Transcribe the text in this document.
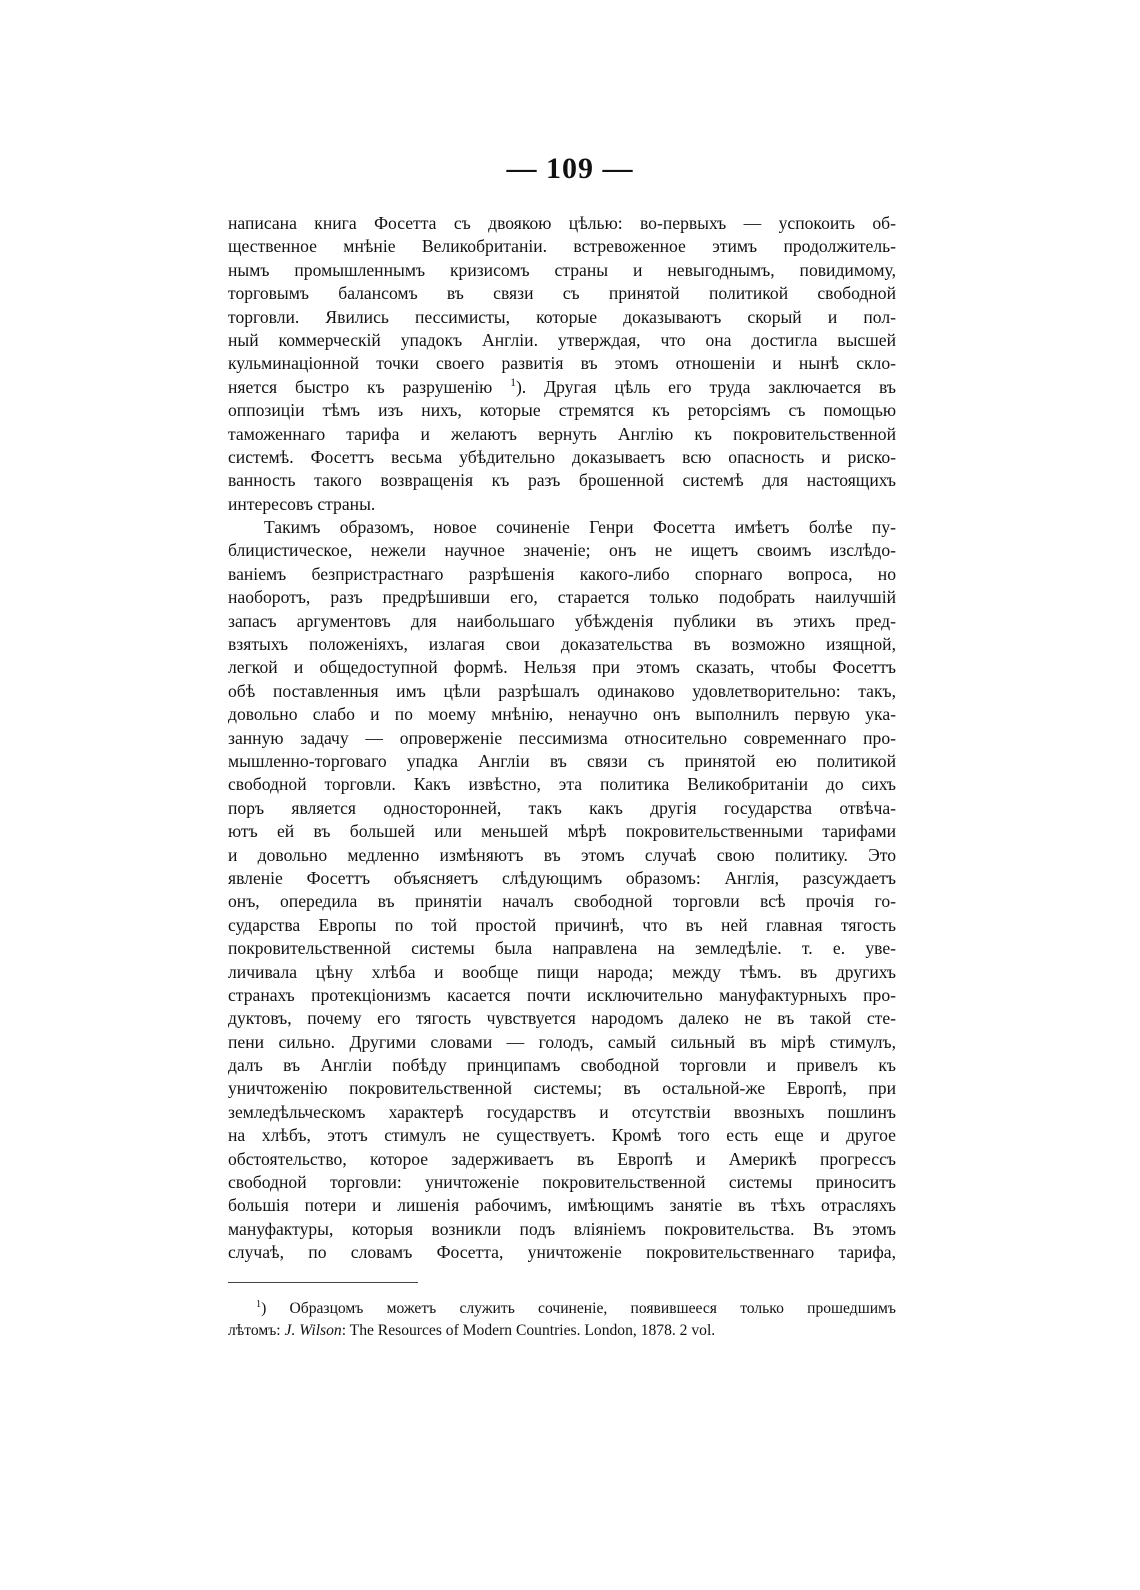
— 109 —
написана книга Фосетта съ двоякою цѣлью: во-первыхъ — успокоить об-
щественное мнѣніе Великобританіи. встревоженное этимъ продолжитель-
нымъ промышленнымъ кризисомъ страны и невыгоднымъ, повидимому,
торговымъ балансомъ въ связи съ принятой политикой свободной
торговли. Явились пессимисты, которые доказываютъ скорый и пол-
ный коммерческій упадокъ Англіи. утверждая, что она достигла высшей
кульминаціонной точки своего развитія въ этомъ отношеніи и нынѣ скло-
няется быстро къ разрушенію $^1$). Другая цѣль его труда заключается въ
оппозиціи тѣмъ изъ нихъ, которые стремятся къ реторсіямъ съ помощью
таможеннаго тарифа и желаютъ вернуть Англію къ покровительственной
системѣ. Фосеттъ весьма убѣдительно доказываетъ всю опасность и риско-
ванность такого возвращенія къ разъ брошенной системѣ для настоящихъ
интересовъ страны.
Такимъ образомъ, новое сочиненіе Генри Фосетта имѣетъ болѣе пу-
блицистическое, нежели научное значеніе; онъ не ищетъ своимъ изслѣдо-
ваніемъ безпристрастнаго разрѣшенія какого-либо спорнаго вопроса, но
наоборотъ, разъ предрѣшивши его, старается только подобрать наилучшій
запасъ аргументовъ для наибольшаго убѣжденія публики въ этихъ пред-
взятыхъ положеніяхъ, излагая свои доказательства въ возможно изящной,
легкой и общедоступной формѣ. Нельзя при этомъ сказать, чтобы Фосеттъ
обѣ поставленныя имъ цѣли разрѣшалъ одинаково удовлетворительно: такъ,
довольно слабо и по моему мнѣнію, ненаучно онъ выполнилъ первую ука-
занную задачу — опроверженіе пессимизма относительно современнаго про-
мышленно-торговаго упадка Англіи въ связи съ принятой ею политикой
свободной торговли. Какъ извѣстно, эта политика Великобританіи до сихъ
поръ является односторонней, такъ какъ другія государства отвѣча-
ютъ ей въ большей или меньшей мѣрѣ покровительственными тарифами
и довольно медленно измѣняютъ въ этомъ случаѣ свою политику. Это
явленіе Фосеттъ объясняетъ слѣдующимъ образомъ: Англія, разсуждаетъ
онъ, опередила въ принятіи началъ свободной торговли всѣ прочія го-
сударства Европы по той простой причинѣ, что въ ней главная тягость
покровительственной системы была направлена на земледѣліе. т. е. уве-
личивала цѣну хлѣба и вообще пищи народа; между тѣмъ. въ другихъ
странахъ протекціонизмъ касается почти исключительно мануфактурныхъ про-
дуктовъ, почему его тягость чувствуется народомъ далеко не въ такой сте-
пени сильно. Другими словами — голодъ, самый сильный въ мірѣ стимулъ,
далъ въ Англіи побѣду принципамъ свободной торговли и привелъ къ
уничтоженію покровительственной системы; въ остальной-же Европѣ, при
земледѣльческомъ характерѣ государствъ и отсутствіи ввозныхъ пошлинъ
на хлѣбъ, этотъ стимулъ не существуетъ. Кромѣ того есть еще и другое
обстоятельство, которое задерживаетъ въ Европѣ и Америкѣ прогрессъ
свободной торговли: уничтоженіе покровительственной системы приноситъ
большія потери и лишенія рабочимъ, имѣющимъ занятіе въ тѣхъ отрасляхъ
мануфактуры, которыя возникли подъ вліяніемъ покровительства. Въ этомъ
случаѣ, по словамъ Фосетта, уничтоженіе покровительственнаго тарифа,
$^1$) Образцомъ можетъ служить сочиненіе, появившееся только прошедшимъ
лѣтомъ: J. Wilson: The Resources of Modern Countries. London, 1878. 2 vol.
